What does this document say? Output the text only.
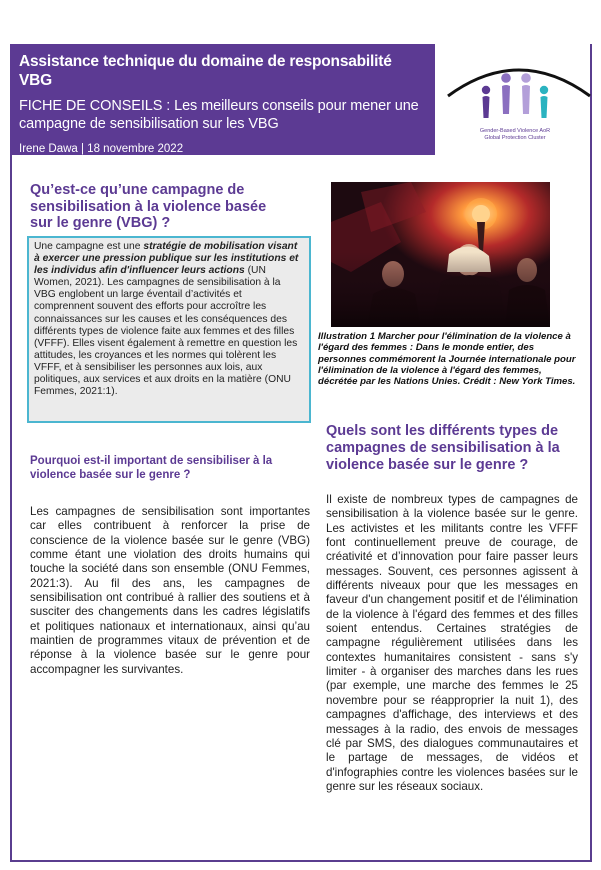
Assistance technique du domaine de responsabilité VBG
FICHE DE CONSEILS : Les meilleurs conseils pour mener une campagne de sensibilisation sur les VBG
Irene Dawa | 18 novembre 2022
Gender-Based Violence AoR
Global Protection Cluster
Qu’est-ce qu’une campagne de sensibilisation à la violence basée sur le genre (VBG) ?
Une campagne est une stratégie de mobilisation visant à exercer une pression publique sur les institutions et les individus afin d'influencer leurs actions (UN Women, 2021). Les campagnes de sensibilisation à la VBG englobent un large éventail d’activités et comprennent souvent des efforts pour accroître les connaissances sur les causes et les conséquences des différents types de violence faite aux femmes et des filles (VFFF). Elles visent également à remettre en question les attitudes, les croyances et les normes qui tolèrent les VFFF, et à sensibiliser les personnes aux lois, aux politiques, aux services et aux droits en la matière (ONU Femmes, 2021:1).
Pourquoi est-il important de sensibiliser à la violence basée sur le genre ?
Les campagnes de sensibilisation sont importantes car elles contribuent à renforcer la prise de conscience de la violence basée sur le genre (VBG) comme étant une violation des droits humains qui touche la société dans son ensemble (ONU Femmes, 2021:3). Au fil des ans, les campagnes de sensibilisation ont contribué à rallier des soutiens et à susciter des changements dans les cadres législatifs et politiques nationaux et internationaux, ainsi qu’au maintien de programmes vitaux de prévention et de réponse à la violence basée sur le genre pour accompagner les survivantes.
Illustration 1 Marcher pour l'élimination de la violence à l'égard des femmes : Dans le monde entier, des personnes commémorent la Journée internationale pour l'élimination de la violence à l'égard des femmes, décrétée par les Nations Unies. Crédit : New York Times.
Quels sont les différents types de campagnes de sensibilisation à la violence basée sur le genre ?
Il existe de nombreux types de campagnes de sensibilisation à la violence basée sur le genre. Les activistes et les militants contre les VFFF font continuellement preuve de courage, de créativité et d’innovation pour faire passer leurs messages. Souvent, ces personnes agissent à différents niveaux pour que les messages en faveur d'un changement positif et de l'élimination de la violence à l'égard des femmes et des filles soient entendus. Certaines stratégies de campagne régulièrement utilisées dans les contextes humanitaires consistent - sans s'y limiter - à organiser des marches dans les rues (par exemple, une marche des femmes le 25 novembre pour se réapproprier la nuit 1), des campagnes d'affichage, des interviews et des messages à la radio, des envois de messages clé par SMS, des dialogues communautaires et le partage de messages, de vidéos et d'infographies contre les violences basées sur le genre sur les réseaux sociaux.
